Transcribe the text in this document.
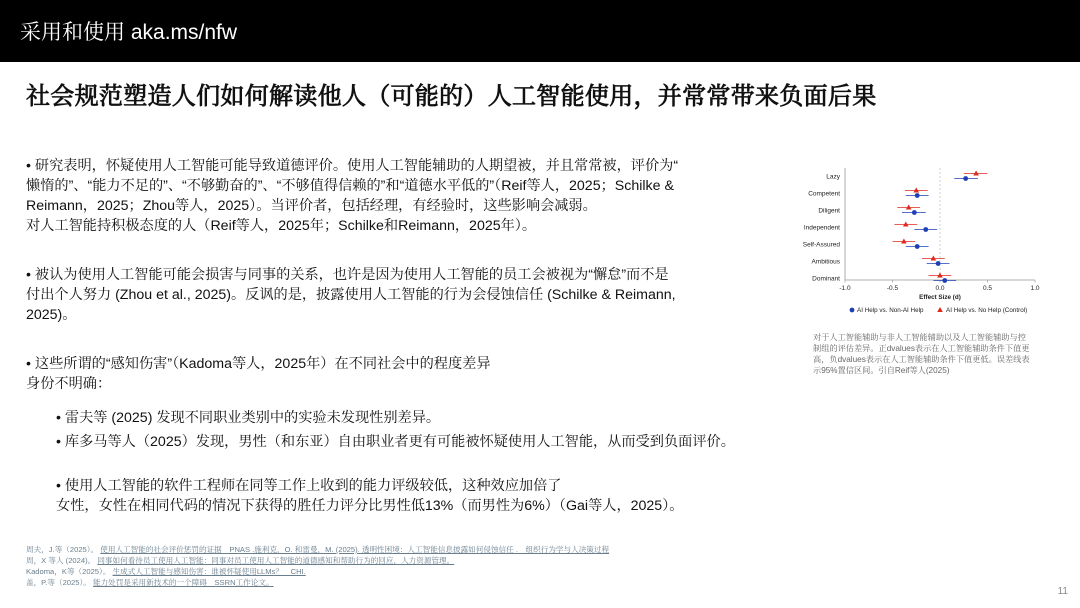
采用和使用 aka.ms/nfw
社会规范塑造人们如何解读他人（可能的）人工智能使用，并常常带来负面后果
• 研究表明，怀疑使用人工智能可能导致道德评价。使用人工智能辅助的人期望被，并且常常被，评价为“
懒惰的”、“能力不足的”、“不够勤奋的”、“不够值得信赖的”和“道德水平低的”（Reif等人，2025；Schilke &
Reimann，2025；Zhou等人，2025）。当评价者，包括经理，有经验时，这些影响会减弱。
对人工智能持积极态度的人（Reif等人，2025年；Schilke和Reimann，2025年）。
• 被认为使用人工智能可能会损害与同事的关系，也许是因为使用人工智能的员工会被视为“懈怠”而不是
付出个人努力 (Zhou et al., 2025)。反讽的是，披露使用人工智能的行为会侵蚀信任 (Schilke & Reimann,
2025)。
• 这些所谓的“感知伤害”（Kadoma等人，2025年）在不同社会中的程度差异
身份不明确：
• 雷夫等 (2025) 发现不同职业类别中的实验未发现性别差异。
• 库多马等人（2025）发现，男性（和东亚）自由职业者更有可能被怀疑使用人工智能，从而受到负面评价。
• 使用人工智能的软件工程师在同等工作上收到的能力评级较低，这种效应加倍了
女性，女性在相同代码的情况下获得的胜任力评分比男性低13%（而男性为6%）（Gai等人，2025）。
Lazy
Competent
Diligent
Independent
Self-Assured
Ambitious
Dominant
-1.0	-0.5	0.0	0.5	1.0
Effect Size (d)
AI Help vs. Non-AI Help	AI Help vs. No Help (Control)
对于人工智能辅助与非人工智能辅助以及人工智能辅助与控
制组的评估差异。正dvalues表示在人工智能辅助条件下值更
高，负dvalues表示在人工智能辅助条件下值更低。误差线表
示95%置信区间。引自Reif等人(2025)
周夫，J.等（2025）。 使用人工智能的社会评价惩罚的证据　PNAS .施利克，O. 和雷曼，M. (2025). 透明性困境：人工智能信息披露如何侵蚀信任 .　组织行为学与人决策过程
周，X 等人 (2024)。 同事如何看待员工使用人工智能：同事对员工使用人工智能的道德感知和帮助行为的回应，人力资源管理。
Kadoma，K等（2025）。 生成式人工智能与感知伤害：谁被怀疑使用LLMs？　CHI.
盖，P.等（2025）。 能力处罚是采用新技术的一个障碍　SSRN工作论文。
11
